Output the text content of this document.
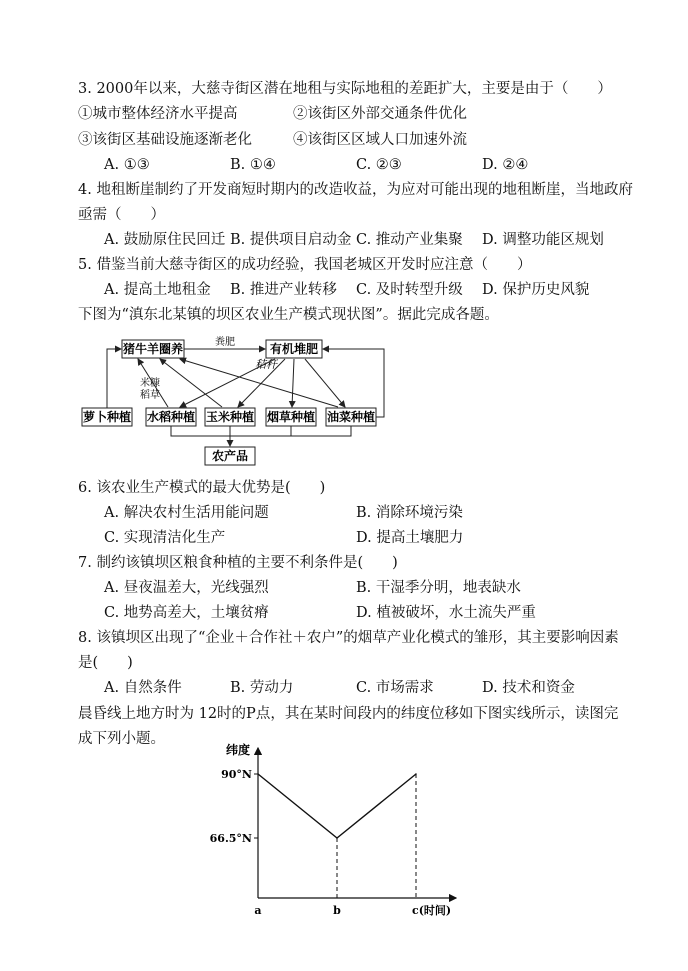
3. 2000年以来，大慈寺街区潜在地租与实际地租的差距扩大，主要是由于（　　）
①城市整体经济水平提高	②该街区外部交通条件优化
③该街区基础设施逐渐老化	④该街区区域人口加速外流
A. ①③	B. ①④	C. ②③	D. ②④
4. 地租断崖制约了开发商短时期内的改造收益，为应对可能出现的地租断崖，当地政府
亟需（　　）
A. 鼓励原住民回迁 B. 提供项目启动金 C. 推动产业集聚 D. 调整功能区规划
5. 借鉴当前大慈寺街区的成功经验，我国老城区开发时应注意（　　）
A. 提高土地租金 B. 推进产业转移 C. 及时转型升级 D. 保护历史风貌
下图为“滇东北某镇的坝区农业生产模式现状图”。据此完成各题。
猪牛羊圈养	有机堆肥
粪肥
秸秆
萝卜种植 水稻种植 玉米种植 烟草种植 油菜种植
农产品
米糠
稻草
6. 该农业生产模式的最大优势是(　　)
A. 解决农村生活用能问题	B. 消除环境污染
C. 实现清洁化生产	D. 提高土壤肥力
7. 制约该镇坝区粮食种植的主要不利条件是(　　)
A. 昼夜温差大，光线强烈	B. 干湿季分明，地表缺水
C. 地势高差大，土壤贫瘠	D. 植被破坏，水土流失严重
8. 该镇坝区出现了“企业＋合作社＋农户”的烟草产业化模式的雏形，其主要影响因素
是(　　)
A. 自然条件	B. 劳动力	C. 市场需求	D. 技术和资金
晨昏线上地方时为 12时的P点，其在某时间段内的纬度位移如下图实线所示，读图完
成下列小题。
纬度
90°N
66.5°N
a	b	c(时间)
